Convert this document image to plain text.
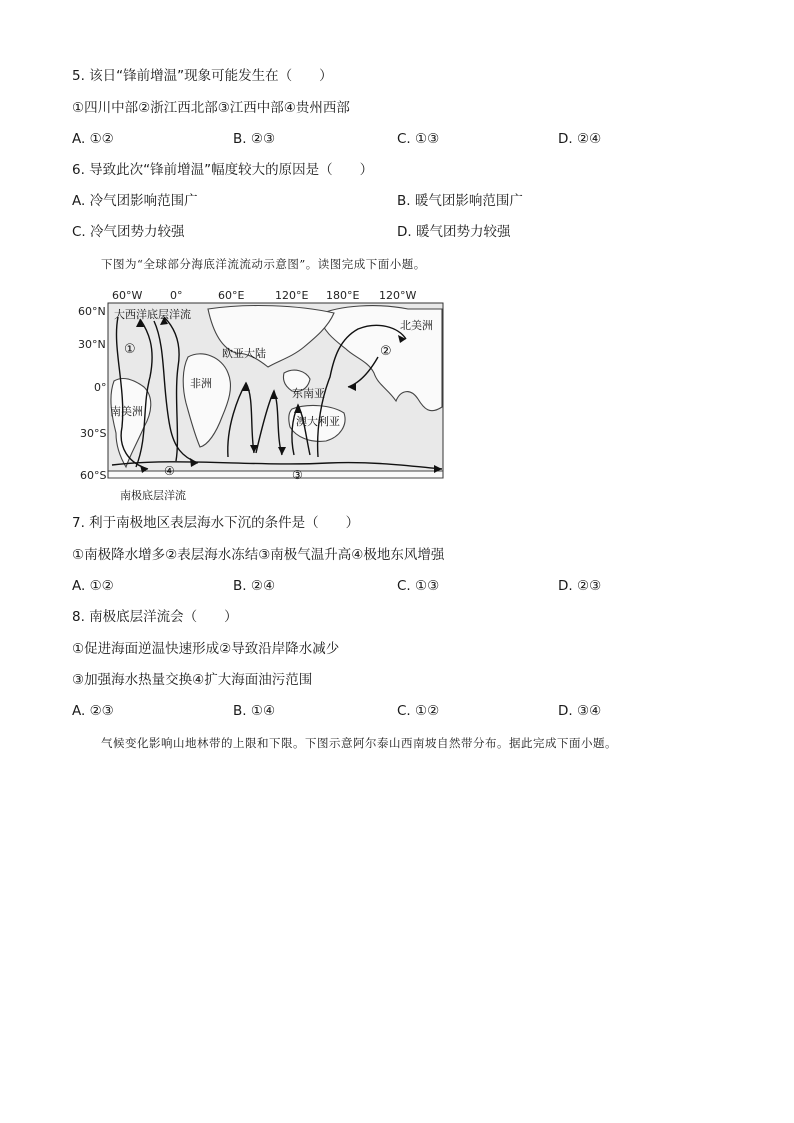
5. 该日“锋前增温”现象可能发生在（　　）
①四川中部②浙江西北部③江西中部④贵州西部
A. ①②	B. ②③	C. ①③	D. ②④
6. 导致此次“锋前增温”幅度较大的原因是（　　）
A. 冷气团影响范围广	B. 暖气团影响范围广
C. 冷气团势力较强	D. 暖气团势力较强
下图为“全球部分海底洋流流动示意图”。读图完成下面小题。
60°W	0°	60°E	120°E 180°E 120°W
60°N
30°N
0°
30°S
60°S
大西洋底层洋流
北美洲
欧亚大陆
非洲
南美洲
东南亚
澳大利亚
①	②
③
④
南极底层洋流
7. 利于南极地区表层海水下沉的条件是（　　）
①南极降水增多②表层海水冻结③南极气温升高④极地东风增强
A. ①②	B. ②④	C. ①③	D. ②③
8. 南极底层洋流会（　　）
①促进海面逆温快速形成②导致沿岸降水减少
③加强海水热量交换④扩大海面油污范围
A. ②③	B. ①④	C. ①②	D. ③④
气候变化影响山地林带的上限和下限。下图示意阿尔泰山西南坡自然带分布。据此完成下面小题。
